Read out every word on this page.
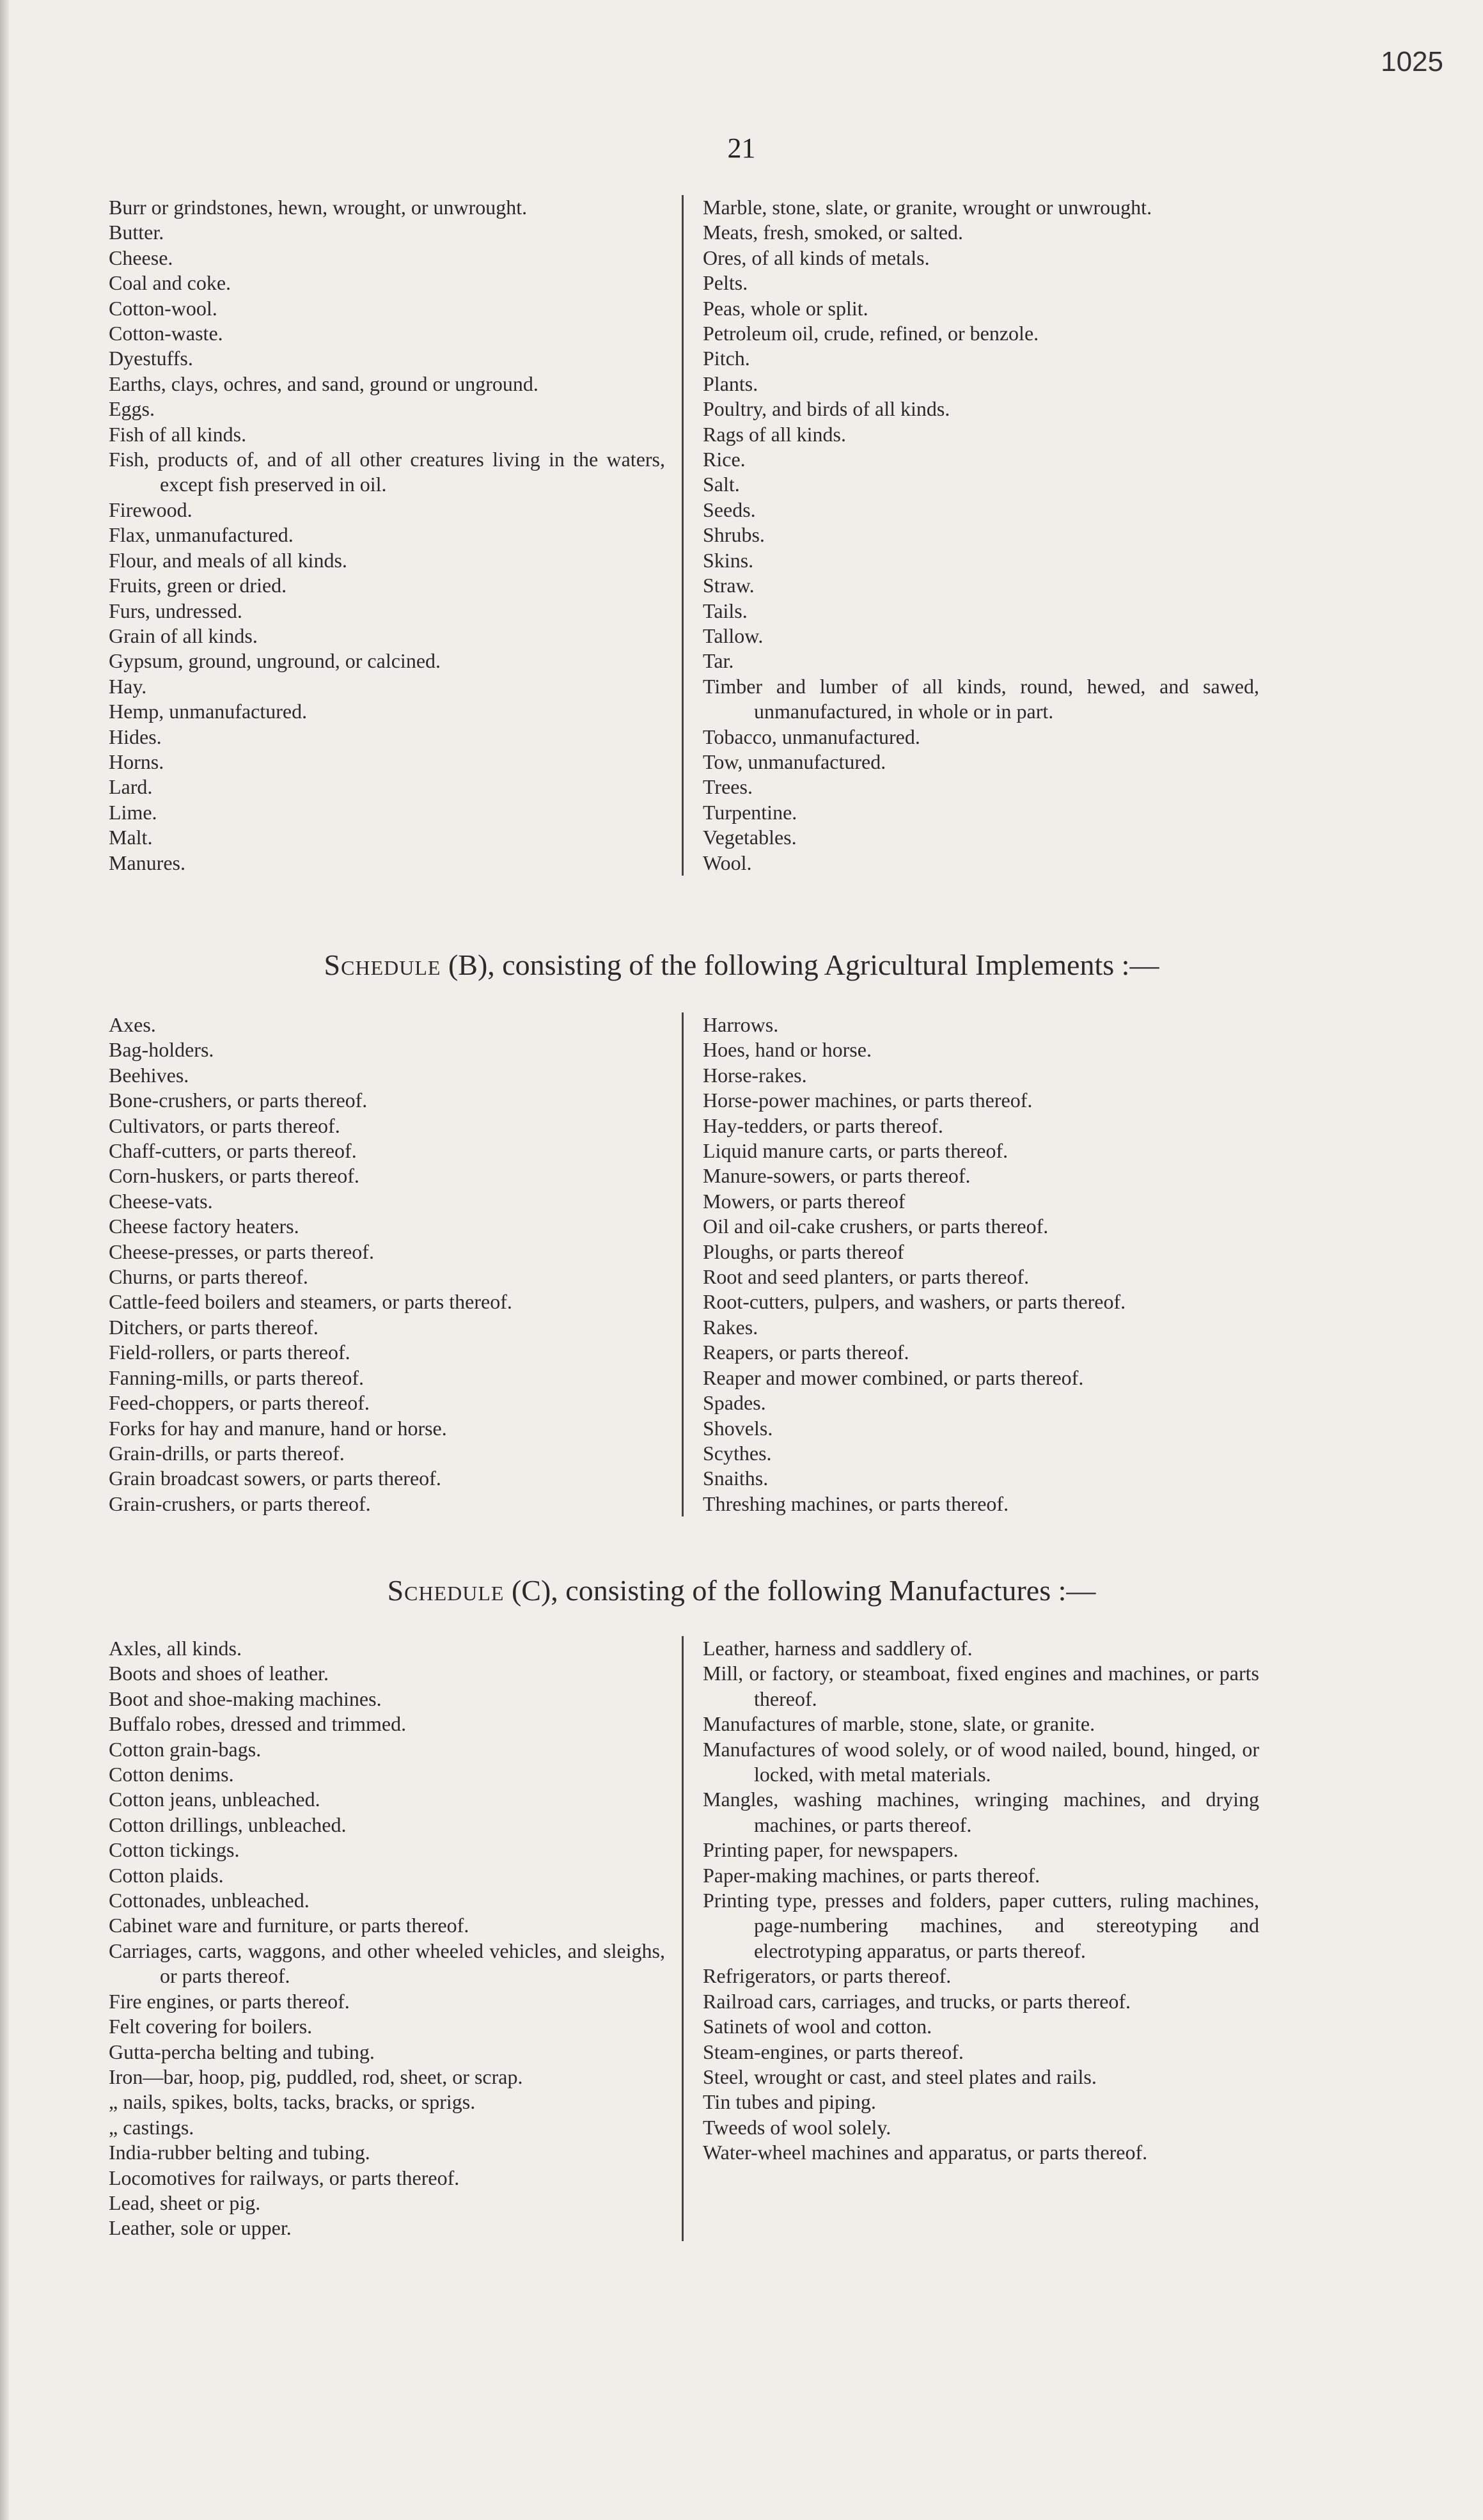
1025
21
Burr or grindstones, hewn, wrought, or unwrought.
Butter.
Cheese.
Coal and coke.
Cotton-wool.
Cotton-waste.
Dyestuffs.
Earths, clays, ochres, and sand, ground or unground.
Eggs.
Fish of all kinds.
Fish, products of, and of all other creatures living in the waters, except fish preserved in oil.
Firewood.
Flax, unmanufactured.
Flour, and meals of all kinds.
Fruits, green or dried.
Furs, undressed.
Grain of all kinds.
Gypsum, ground, unground, or calcined.
Hay.
Hemp, unmanufactured.
Hides.
Horns.
Lard.
Lime.
Malt.
Manures.
Marble, stone, slate, or granite, wrought or unwrought.
Meats, fresh, smoked, or salted.
Ores, of all kinds of metals.
Pelts.
Peas, whole or split.
Petroleum oil, crude, refined, or benzole.
Pitch.
Plants.
Poultry, and birds of all kinds.
Rags of all kinds.
Rice.
Salt.
Seeds.
Shrubs.
Skins.
Straw.
Tails.
Tallow.
Tar.
Timber and lumber of all kinds, round, hewed, and sawed, unmanufactured, in whole or in part.
Tobacco, unmanufactured.
Tow, unmanufactured.
Trees.
Turpentine.
Vegetables.
Wool.
Schedule (B), consisting of the following Agricultural Implements :—
Axes.
Bag-holders.
Beehives.
Bone-crushers, or parts thereof.
Cultivators, or parts thereof.
Chaff-cutters, or parts thereof.
Corn-huskers, or parts thereof.
Cheese-vats.
Cheese factory heaters.
Cheese-presses, or parts thereof.
Churns, or parts thereof.
Cattle-feed boilers and steamers, or parts thereof.
Ditchers, or parts thereof.
Field-rollers, or parts thereof.
Fanning-mills, or parts thereof.
Feed-choppers, or parts thereof.
Forks for hay and manure, hand or horse.
Grain-drills, or parts thereof.
Grain broadcast sowers, or parts thereof.
Grain-crushers, or parts thereof.
Harrows.
Hoes, hand or horse.
Horse-rakes.
Horse-power machines, or parts thereof.
Hay-tedders, or parts thereof.
Liquid manure carts, or parts thereof.
Manure-sowers, or parts thereof.
Mowers, or parts thereof
Oil and oil-cake crushers, or parts thereof.
Ploughs, or parts thereof
Root and seed planters, or parts thereof.
Root-cutters, pulpers, and washers, or parts thereof.
Rakes.
Reapers, or parts thereof.
Reaper and mower combined, or parts thereof.
Spades.
Shovels.
Scythes.
Snaiths.
Threshing machines, or parts thereof.
Schedule (C), consisting of the following Manufactures :—
Axles, all kinds.
Boots and shoes of leather.
Boot and shoe-making machines.
Buffalo robes, dressed and trimmed.
Cotton grain-bags.
Cotton denims.
Cotton jeans, unbleached.
Cotton drillings, unbleached.
Cotton tickings.
Cotton plaids.
Cottonades, unbleached.
Cabinet ware and furniture, or parts thereof.
Carriages, carts, waggons, and other wheeled vehicles, and sleighs, or parts thereof.
Fire engines, or parts thereof.
Felt covering for boilers.
Gutta-percha belting and tubing.
Iron—bar, hoop, pig, puddled, rod, sheet, or scrap.
„ nails, spikes, bolts, tacks, bracks, or sprigs.
„ castings.
India-rubber belting and tubing.
Locomotives for railways, or parts thereof.
Lead, sheet or pig.
Leather, sole or upper.
Leather, harness and saddlery of.
Mill, or factory, or steamboat, fixed engines and machines, or parts thereof.
Manufactures of marble, stone, slate, or granite.
Manufactures of wood solely, or of wood nailed, bound, hinged, or locked, with metal materials.
Mangles, washing machines, wringing machines, and drying machines, or parts thereof.
Printing paper, for newspapers.
Paper-making machines, or parts thereof.
Printing type, presses and folders, paper cutters, ruling machines, page-numbering machines, and stereotyping and electrotyping apparatus, or parts thereof.
Refrigerators, or parts thereof.
Railroad cars, carriages, and trucks, or parts thereof.
Satinets of wool and cotton.
Steam-engines, or parts thereof.
Steel, wrought or cast, and steel plates and rails.
Tin tubes and piping.
Tweeds of wool solely.
Water-wheel machines and apparatus, or parts thereof.
